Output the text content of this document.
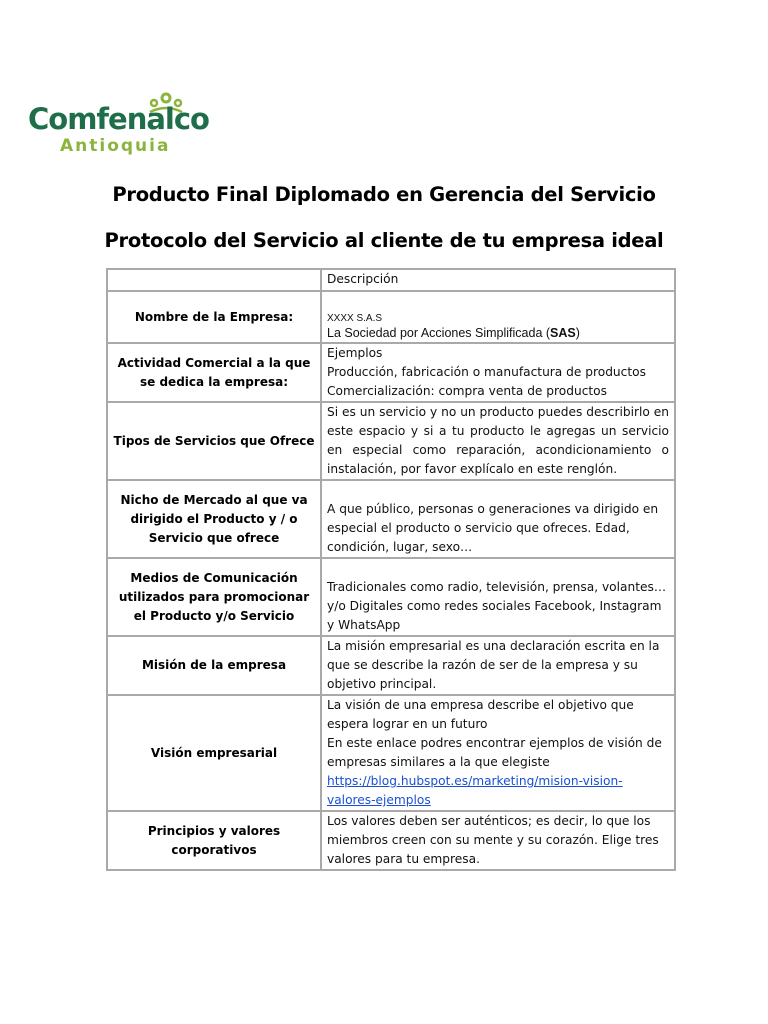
Comfenalco
Antioquia
Producto Final Diplomado en Gerencia del Servicio
Protocolo del Servicio al cliente de tu empresa ideal
	Descripción
Nombre de la Empresa:	XXXX S.A.S
La Sociedad por Acciones Simplificada (SAS)

Actividad Comercial a la que se dedica la empresa:	Ejemplos
Producción, fabricación o manufactura de productos
Comercialización: compra venta de productos

Tipos de Servicios que Ofrece	Si es un servicio y no un producto puedes describirlo en este espacio y si a tu producto le agregas un servicio en especial como reparación, acondicionamiento o instalación, por favor explícalo en este renglón.
Nicho de Mercado al que va dirigido el Producto y / o Servicio que ofrece	A que público, personas o generaciones va dirigido en especial el producto o servicio que ofreces. Edad, condición, lugar, sexo…
Medios de Comunicación utilizados para promocionar el Producto y/o Servicio	Tradicionales como radio, televisión, prensa, volantes… y/o Digitales como redes sociales Facebook, Instagram y WhatsApp
Misión de la empresa	La misión empresarial es una declaración escrita en la que se describe la razón de ser de la empresa y su objetivo principal.
Visión empresarial	La visión de una empresa describe el objetivo que espera lograr en un futuro
En este enlace podres encontrar ejemplos de visión de empresas similares a la que elegiste
https://blog.hubspot.es/marketing/mision-vision-valores-ejemplos
Principios y valores corporativos	Los valores deben ser auténticos; es decir, lo que los miembros creen con su mente y su corazón. Elige tres valores para tu empresa.
